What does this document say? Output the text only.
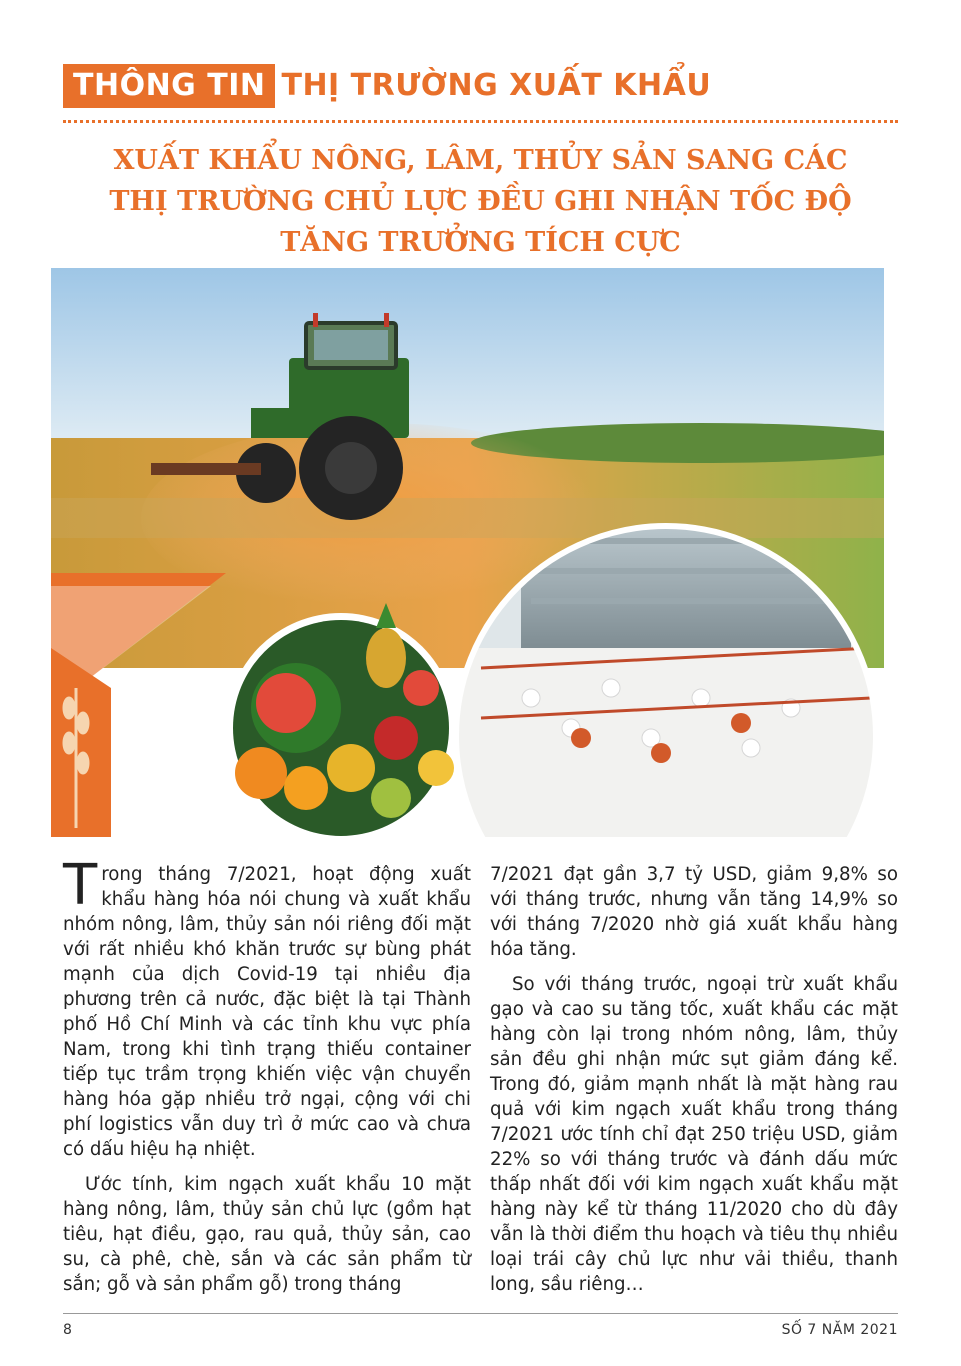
THÔNG TIN THỊ TRƯỜNG XUẤT KHẨU
XUẤT KHẨU NÔNG, LÂM, THỦY SẢN SANG CÁC
THỊ TRƯỜNG CHỦ LỰC ĐỀU GHI NHẬN TỐC ĐỘ
TĂNG TRƯỞNG TÍCH CỰC

Trong tháng 7/2021, hoạt động xuất khẩu hàng hóa nói chung và xuất khẩu nhóm nông, lâm, thủy sản nói riêng đối mặt với rất nhiều khó khăn trước sự bùng phát mạnh của dịch Covid-19 tại nhiều địa phương trên cả nước, đặc biệt là tại Thành phố Hồ Chí Minh và các tỉnh khu vực phía Nam, trong khi tình trạng thiếu container tiếp tục trầm trọng khiến việc vận chuyển hàng hóa gặp nhiều trở ngại, cộng với chi phí logistics vẫn duy trì ở mức cao và chưa có dấu hiệu hạ nhiệt.

Ước tính, kim ngạch xuất khẩu 10 mặt hàng nông, lâm, thủy sản chủ lực (gồm hạt tiêu, hạt điều, gạo, rau quả, thủy sản, cao su, cà phê, chè, sắn và các sản phẩm từ sắn; gỗ và sản phẩm gỗ) trong tháng

7/2021 đạt gần 3,7 tỷ USD, giảm 9,8% so với tháng trước, nhưng vẫn tăng 14,9% so với tháng 7/2020 nhờ giá xuất khẩu hàng hóa tăng.

So với tháng trước, ngoại trừ xuất khẩu gạo và cao su tăng tốc, xuất khẩu các mặt hàng còn lại trong nhóm nông, lâm, thủy sản đều ghi nhận mức sụt giảm đáng kể. Trong đó, giảm mạnh nhất là mặt hàng rau quả với kim ngạch xuất khẩu trong tháng 7/2021 ước tính chỉ đạt 250 triệu USD, giảm 22% so với tháng trước và đánh dấu mức thấp nhất đối với kim ngạch xuất khẩu mặt hàng này kể từ tháng 11/2020 cho dù đây vẫn là thời điểm thu hoạch và tiêu thụ nhiều loại trái cây chủ lực như vải thiều, thanh long, sầu riêng…

8	SỐ 7 NĂM 2021
